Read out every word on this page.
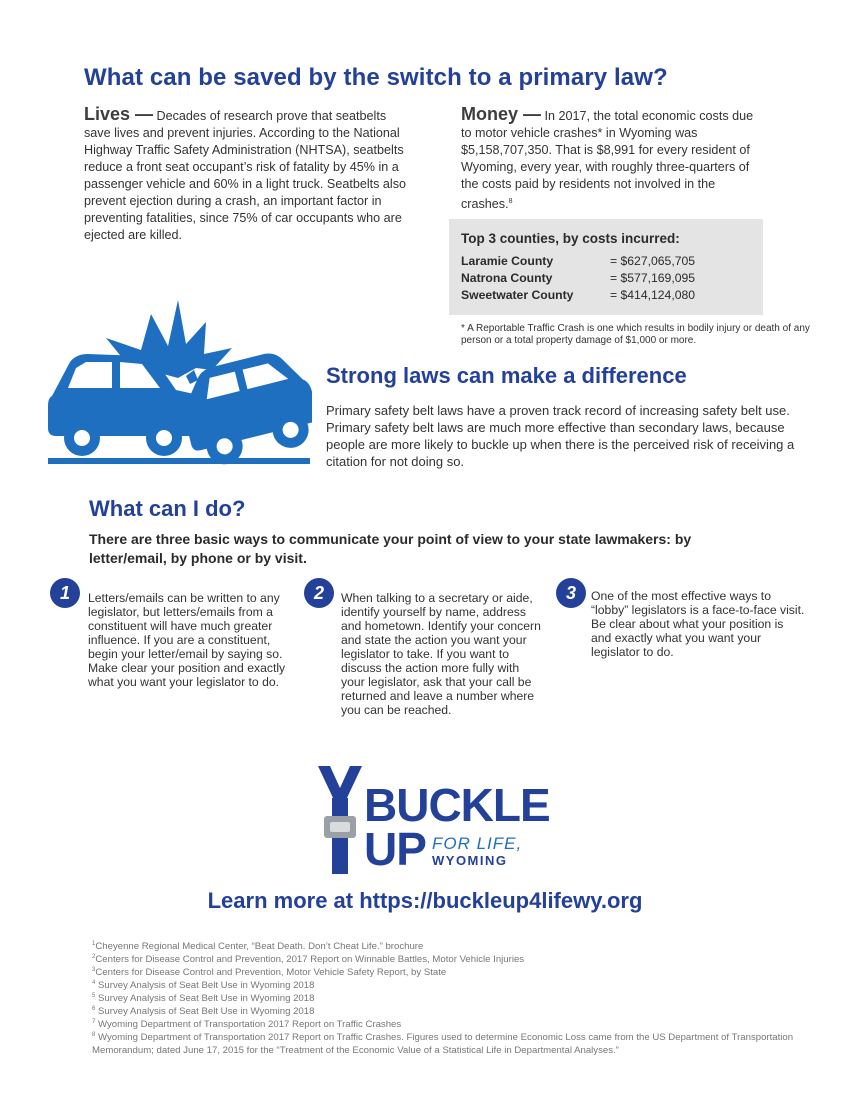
What can be saved by the switch to a primary law?
Lives — Decades of research prove that seatbelts save lives and prevent injuries. According to the National Highway Traffic Safety Administration (NHTSA), seatbelts reduce a front seat occupant’s risk of fatality by 45% in a passenger vehicle and 60% in a light truck. Seatbelts also prevent ejection during a crash, an important factor in preventing fatalities, since 75% of car occupants who are ejected are killed.
Money — In 2017, the total economic costs due to motor vehicle crashes* in Wyoming was $5,158,707,350. That is $8,991 for every resident of Wyoming, every year, with roughly three-quarters of the costs paid by residents not involved in the crashes.$^8$
Top 3 counties, by costs incurred:
Laramie County	= $627,065,705
Natrona County	= $577,169,095
Sweetwater County	= $414,124,080
* A Reportable Traffic Crash is one which results in bodily injury or death of any person or a total property damage of $1,000 or more.
Strong laws can make a difference

Primary safety belt laws have a proven track record of increasing safety belt use. Primary safety belt laws are much more effective than secondary laws, because people are more likely to buckle up when there is the perceived risk of receiving a citation for not doing so.

What can I do?

There are three basic ways to communicate your point of view to your state lawmakers: by letter/email, by phone or by visit.

1	Letters/emails can be written to any legislator, but letters/emails from a constituent will have much greater influence. If you are a constituent, begin your letter/email by saying so. Make clear your position and exactly what you want your legislator to do.

2	When talking to a secretary or aide, identify yourself by name, address and hometown. Identify your concern and state the action you want your legislator to take. If you want to discuss the action more fully with your legislator, ask that your call be returned and leave a number where you can be reached.

3	One of the most effective ways to “lobby” legislators is a face-to-face visit. Be clear about what your position is and exactly what you want your legislator to do.

BUCKLE
UP FOR LIFE,
WYOMING
Learn more at https://buckleup4lifewy.org
$^1$Cheyenne Regional Medical Center, “Beat Death. Don’t Cheat Life.” brochure
$^2$Centers for Disease Control and Prevention, 2017 Report on Winnable Battles, Motor Vehicle Injuries
$^3$Centers for Disease Control and Prevention, Motor Vehicle Safety Report, by State
$^4$ Survey Analysis of Seat Belt Use in Wyoming 2018
$^5$ Survey Analysis of Seat Belt Use in Wyoming 2018
$^6$ Survey Analysis of Seat Belt Use in Wyoming 2018
$^7$ Wyoming Department of Transportation 2017 Report on Traffic Crashes
$^8$ Wyoming Department of Transportation 2017 Report on Traffic Crashes. Figures used to determine Economic Loss came from the US Department of Transportation Memorandum; dated June 17, 2015 for the “Treatment of the Economic Value of a Statistical Life in Departmental Analyses.”
